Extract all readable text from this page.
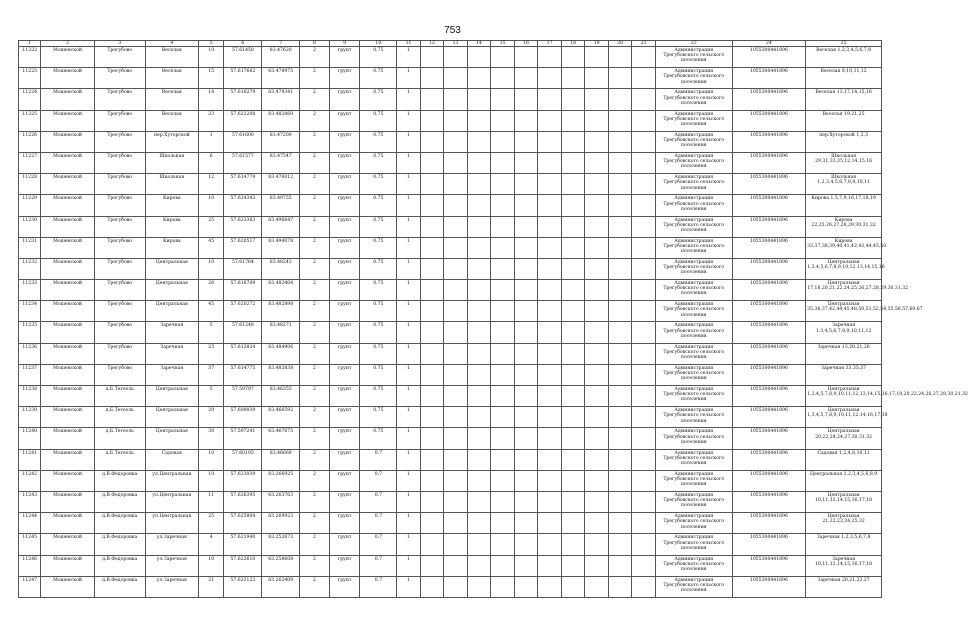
753
1	2	3	4	5	6	7	8	9	10	11	12	13	14	15	16	17	18	19	20	21	23	24	25
11222	Мошенской	Трегубово	Веселая	10	57.61450	83.47620	2	грунт	0.75	1											Администрация Трегубовского сельского поселения	1055300441896	Веселая 1,2,3,4,5,6,7,8
11223	Мошенской	Трегубово	Веселая	15	57.617662	83.478975	2	грунт	0.75	1											Администрация Трегубовского сельского поселения	1055300441896	Веселая 8,10,11,12
11224	Мошенской	Трегубово	Веселая	14	57.616279	83.479341	2	грунт	0.75	1											Администрация Трегубовского сельского поселения	1055300441896	Веселая 13,17,14,15,16
11225	Мошенской	Трегубово	Веселая	23	57.622208	83.482860	2	грунт	0.75	1											Администрация Трегубовского сельского поселения	1055300441896	Веселая 19,21,25
11226	Мошенской	Трегубово	пер.Хуторской	1	57.61600	83.47200	2	грунт	0.75	1											Администрация Трегубовского сельского поселения	1055300441896	пер.Хуторской 1,2,3
11227	Мошенской	Трегубово	Школьная	6	57.61577	83.47547	2	грунт	0.75	1											Администрация Трегубовского сельского поселения	1055300441896	Школьная 29,31,33,35,12,14,15,16
11228	Мошенской	Трегубово	Школьная	12	57.614779	83.476012	2	грунт	0.75	1											Администрация Трегубовского сельского поселения	1055300441896	Школьная 1,2,3,4,5,6,7,8,9,10,11
11229	Мошенской	Трегубово	Кирова	10	57.624343	83.49755	2	грунт	0.75	1											Администрация Трегубовского сельского поселения	1055300441896	Кирова 1,5,7,9,16,17,18,19
11230	Мошенской	Трегубово	Кирова	25	57.623363	83.496647	2	грунт	0.75	1											Администрация Трегубовского сельского поселения	1055300441896	Кирова 22,25,26,27,28,29,30,31,32
11231	Мошенской	Трегубово	Кирова	45	57.620517	83.494078	2	грунт	0.75	1											Администрация Трегубовского сельского поселения	1055300441896	Кирова 33,37,38,39,40,41,42,43,44,45,50
11232	Мошенской	Трегубово	Центральная	10	57.61764	83.48243	2	грунт	0.75	1											Администрация Трегубовского сельского поселения	1055300441896	Центральная 1,3,4,5,6,7,8,9,10,12,13,14,15,16
11233	Мошенской	Трегубово	Центральная	26	57.618709	83.482404	2	грунт	0.75	1											Администрация Трегубовского сельского поселения	1055300441896	Центральная 17,18,20,21,22,24,25,26,27,28,29,30,31,32
11234	Мошенской	Трегубово	Центральная	45	57.620272	83.482898	2	грунт	0.75	1											Администрация Трегубовского сельского поселения	1055300441896	Центральная 35,36,37,42,44,45,48,50,51,52,54,55,56,57,60,67
11235	Мошенской	Трегубово	Заречная	5	57.61248	83.48271	2	грунт	0.75	1											Администрация Трегубовского сельского поселения	1055300441896	Заречная 1,3,4,5,6,7,8,9,10,11,12
11236	Мошенской	Трегубово	Заречная	23	57.613824	83.484906	2	грунт	0.75	1											Администрация Трегубовского сельского поселения	1055300441896	Заречная 13,20,21,26
11237	Мошенской	Трегубово	Заречная	37	57.614775	83.483838	2	грунт	0.75	1											Администрация Трегубовского сельского поселения	1055300441896	Заречная 33,35,37
11238	Мошенской	д.Б.Тегеоль	Центральная	5	57.59797	83.46355	2	грунт	0.75	1											Администрация Трегубовского сельского поселения	1055300441896	Центральная 1,2,4,5,7,8,9,10,11,12,13,14,15,16,17,18,20,22,24,26,27,28,30,31,32
11239	Мошенской	д.Б.Тегеоль	Центральная	20	57.600039	83.466592	2	грунт	0.75	1											Администрация Трегубовского сельского поселения	1055300441896	Центральная 1,3,4,5,7,8,9,10,11,12,14,16,17,18
11240	Мошенской	д.Б.Тегеоль	Центральная	30	57.597241	83.467675	2	грунт	0.75	1											Администрация Трегубовского сельского поселения	1055300441896	Центральная 20,22,24,24,27,30,31,32
11241	Мошенской	д.Б.Тегеоль	Садовая	10	57.60105	83.46669	2	грунт	0.7	1											Администрация Трегубовского сельского поселения	1055300441896	Садовая 1,2,4,8,10,11
11242	Мошенской	д.В.Федоровка	ул.Центральная	10	57.623039	83.266925	2	грунт	0.7	1											Администрация Трегубовского сельского поселения	1055300441896	Центральная 1,2,3,4,5,6,8,9
11243	Мошенской	д.В.Федоровка	ул.Центральная	11	57.626395	83.263763	2	грунт	0.7	1											Администрация Трегубовского сельского поселения	1055300441896	Центральная 10,11,12,14,15,16,17,18
11244	Мошенской	д.В.Федоровка	ул.Центральная	25	57.625804	83.269923	2	грунт	0.7	1											Администрация Трегубовского сельского поселения	1055300441896	Центральная 21,22,23,24,25,32
11245	Мошенской	д.В.Федоровка	ул.Заречная	4	57.621940	83.252673	2	грунт	0.7	1											Администрация Трегубовского сельского поселения	1055300441896	Заречная 1,2,3,5,6,7,8
11246	Мошенской	д.В.Федоровка	ул.Заречная	10	57.622610	83.258608	2	грунт	0.7	1											Администрация Трегубовского сельского поселения	1055300441896	Заречная 10,11,12,14,15,16,17,18
11247	Мошенской	д.В.Федоровка	ул.Заречная	21	57.623123	83.262409	2	грунт	0.7	1											Администрация Трегубовского сельского поселения	1055300441896	Заречная 20,21,23,27
